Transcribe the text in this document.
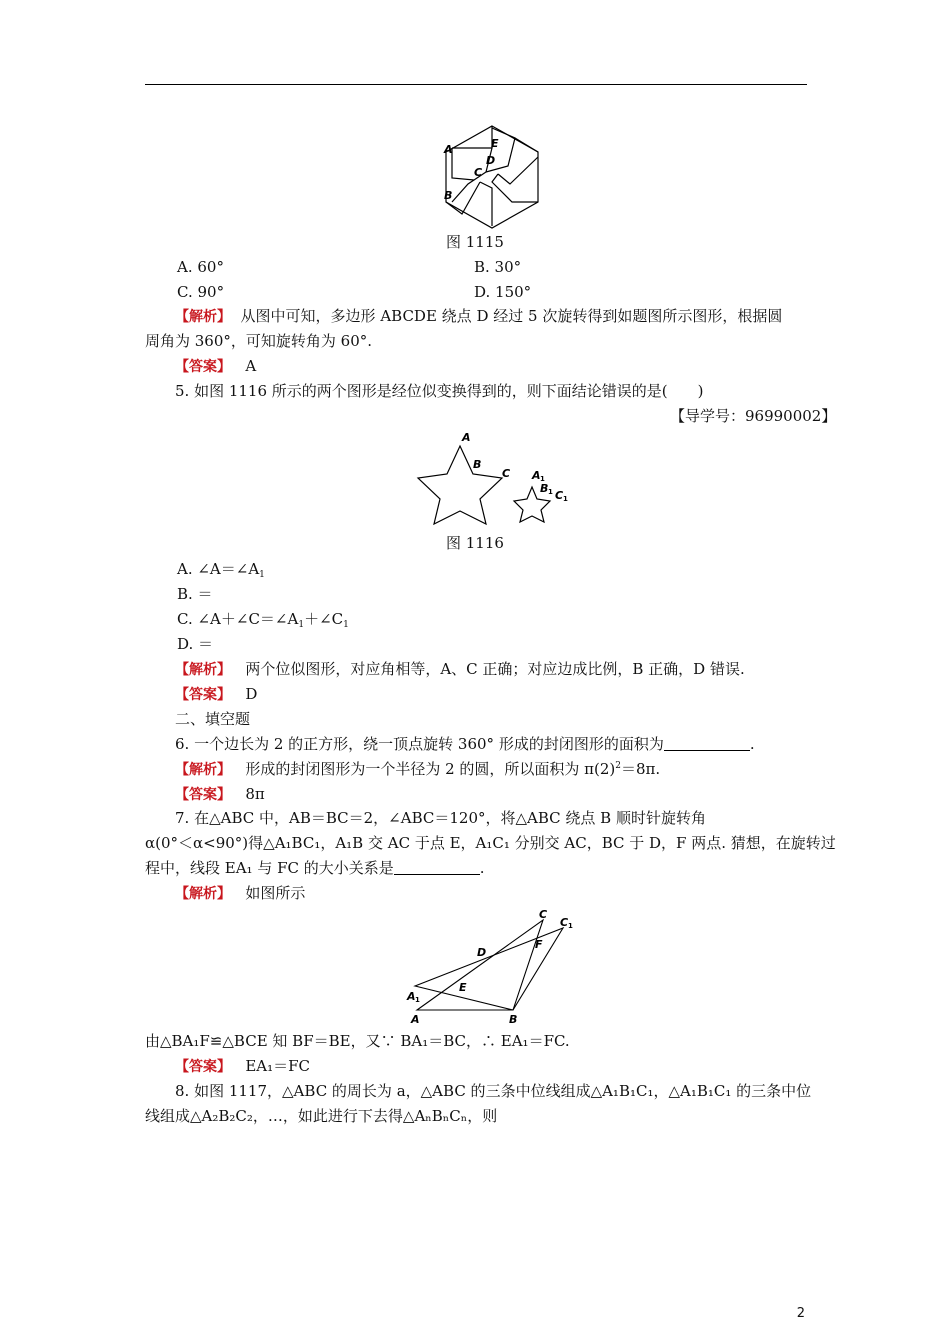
A
B
C
D
E
图 1115
A. 60°	B. 30°
C. 90°	D. 150°
【解析】 从图中可知，多边形 ABCDE 绕点 D 经过 5 次旋转得到如题图所示图形，根据圆
周角为 360°，可知旋转角为 60°.
【答案】 A
5. 如图 1116 所示的两个图形是经位似变换得到的，则下面结论错误的是(　　)
【导学号：96990002】
A
B
C A 1
B 1 C 1
图 1116
A. $\angle A=\angle A_1$
B. ＝
C. $\angle A+\angle C=\angle A_1+\angle C_1$
D. ＝
【解析】 两个位似图形，对应角相等，A、C 正确；对应边成比例，B 正确，D 错误.
【答案】 D
二、填空题
6. 一个边长为 2 的正方形，绕一顶点旋转 360° 形成的封闭图形的面积为	.
【解析】 形成的封闭图形为一个半径为 2 的圆，所以面积为 $\pi(2)^2=8\pi$.
【答案】 8π
7. 在△ABC 中，AB＝BC＝2，∠ABC＝120°，将△ABC 绕点 B 顺时针旋转角
α(0°＜α<90°)得△A₁BC₁，A₁B 交 AC 于点 E，A₁C₁ 分别交 AC，BC 于 D，F 两点. 猜想，在旋转过
程中，线段 EA₁ 与 FC 的大小关系是	.
【解析】 如图所示
C
C 1
D
F
A 1
E
A	B
由△BA₁F≌△BCE 知 BF＝BE，又∵ BA₁＝BC，∴ EA₁＝FC.
【答案】 EA₁＝FC
8. 如图 1117，△ABC 的周长为 a，△ABC 的三条中位线组成△A₁B₁C₁，△A₁B₁C₁ 的三条中位
线组成△A₂B₂C₂，…，如此进行下去得△AₙBₙCₙ，则
2
